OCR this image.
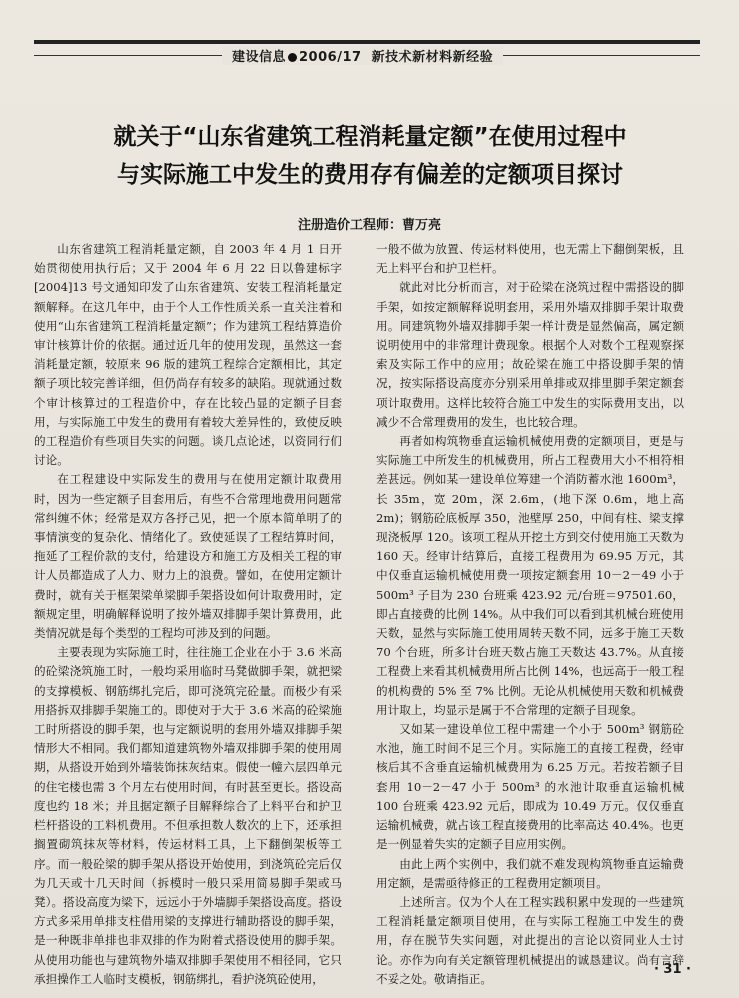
建设信息 2006/17 新技术新材料新经验
就关于“山东省建筑工程消耗量定额”在使用过程中
与实际施工中发生的费用存有偏差的定额项目探讨
注册造价工程师：曹万亮

山东省建筑工程消耗量定额，自 2003 年 4 月 1 日开始贯彻使用执行后；又于 2004 年 6 月 22 日以鲁建标字[2004]13 号文通知印发了山东省建筑、安装工程消耗量定额解释。在这几年中，由于个人工作性质关系一直关注着和使用“山东省建筑工程消耗量定额”；作为建筑工程结算造价审计核算计价的依据。通过近几年的使用发现，虽然这一套消耗量定额，较原来 96 版的建筑工程综合定额相比，其定额子项比较完善详细，但仍尚存有较多的缺陷。现就通过数个审计核算过的工程造价中，存在比较凸显的定额子目套用，与实际施工中发生的费用有着较大差异性的，致使反映的工程造价有些项目失实的问题。谈几点论述，以资同行们讨论。

在工程建设中实际发生的费用与在使用定额计取费用时，因为一些定额子目套用后，有些不合常理地费用问题常常纠缠不休；经常是双方各抒己见，把一个原本简单明了的事情演变的复杂化、情绪化了。致使延误了工程结算时间，拖延了工程价款的支付，给建设方和施工方及相关工程的审计人员都造成了人力、财力上的浪费。譬如，在使用定额计费时，就有关于框架梁单梁脚手架搭设如何计取费用时，定额规定里，明确解释说明了按外墙双排脚手架计算费用，此类情况就是每个类型的工程均可涉及到的问题。

主要表现为实际施工时，往往施工企业在小于 3.6 米高的砼梁浇筑施工时，一般均采用临时马凳做脚手架，就把梁的支撑模板、钢筋绑扎完后，即可浇筑完砼量。而极少有采用搭拆双排脚手架施工的。即使对于大于 3.6 米高的砼梁施工时所搭设的脚手架，也与定额说明的套用外墙双排脚手架情形大不相同。我们都知道建筑物外墙双排脚手架的使用周期，从搭设开始到外墙装饰抹灰结束。假使一幢六层四单元的住宅楼也需 3 个月左右使用时间，有时甚至更长。搭设高度也约 18 米；并且据定额子目解释综合了上料平台和护卫栏杆搭设的工料机费用。不但承担数人数次的上下，还承担搁置砌筑抹灰等材料，传运材料工具，上下翻倒架板等工序。而一般砼梁的脚手架从搭设开始使用，到浇筑砼完后仅为几天或十几天时间（拆模时一般只采用简易脚手架或马凳）。搭设高度为梁下，远远小于外墙脚手架搭设高度。搭设方式多采用单排支柱借用梁的支撑进行辅助搭设的脚手架，是一种既非单排也非双排的作为附着式搭设使用的脚手架。从使用功能也与建筑物外墙双排脚手架使用不相径同，它只承担操作工人临时支模板，钢筋绑扎，看护浇筑砼使用，

一般不做为放置、传运材料使用，也无需上下翻倒架板，且无上料平台和护卫栏杆。

就此对比分析而言，对于砼梁在浇筑过程中需搭设的脚手架，如按定额解释说明套用，采用外墙双排脚手架计取费用。同建筑物外墙双排脚手架一样计费是显然偏高，属定额说明使用中的非常理计费现象。根据个人对数个工程观察探索及实际工作中的应用；故砼梁在施工中搭设脚手架的情况，按实际搭设高度亦分别采用单排或双排里脚手架定额套项计取费用。这样比较符合施工中发生的实际费用支出，以减少不合常理费用的发生，也比较合理。

再者如构筑物垂直运输机械使用费的定额项目，更是与实际施工中所发生的机械费用，所占工程费用大小不相符相差甚远。例如某一建设单位筹建一个消防蓄水池 1600m³，长 35m，宽 20m，深 2.6m，(地下深 0.6m，地上高 2m)；钢筋砼底板厚 350，池壁厚 250，中间有柱、梁支撑现浇板厚 120。该项工程从开挖土方到交付使用施工天数为 160 天。经审计结算后，直接工程费用为 69.95 万元，其中仅垂直运输机械使用费一项按定额套用 10－2－49 小于 500m³ 子目为 230 台班乘 423.92 元/台班＝97501.60，即占直接费的比例 14%。从中我们可以看到其机械台班使用天数，显然与实际施工使用周转天数不同，远多于施工天数 70 个台班，所多计台班天数占施工天数达 43.7%。从直接工程费上来看其机械费用所占比例 14%，也远高于一般工程的机构费的 5% 至 7% 比例。无论从机械使用天数和机械费用计取上，均显示是属于不合常理的定额子目现象。

又如某一建设单位工程中需建一个小于 500m³ 钢筋砼水池，施工时间不足三个月。实际施工的直接工程费，经审核后其不含垂直运输机械费用为 6.25 万元。若按若额子目套用 10－2－47 小于 500m³ 的水池计取垂直运输机械 100 台班乘 423.92 元后，即成为 10.49 万元。仅仅垂直运输机械费，就占该工程直接费用的比率高达 40.4%。也更是一例显着失实的定额子目应用实例。

由此上两个实例中，我们就不难发现构筑物垂直运输费用定额，是需亟待修正的工程费用定额项目。

上述所言。仅为个人在工程实践积累中发现的一些建筑工程消耗量定额项目使用，在与实际工程施工中发生的费用，存在脱节失实问题，对此提出的言论以资同业人士讨论。亦作为向有关定额管理机械提出的诚恳建议。尚有言辞不妥之处。敬请指正。

· 31 ·
